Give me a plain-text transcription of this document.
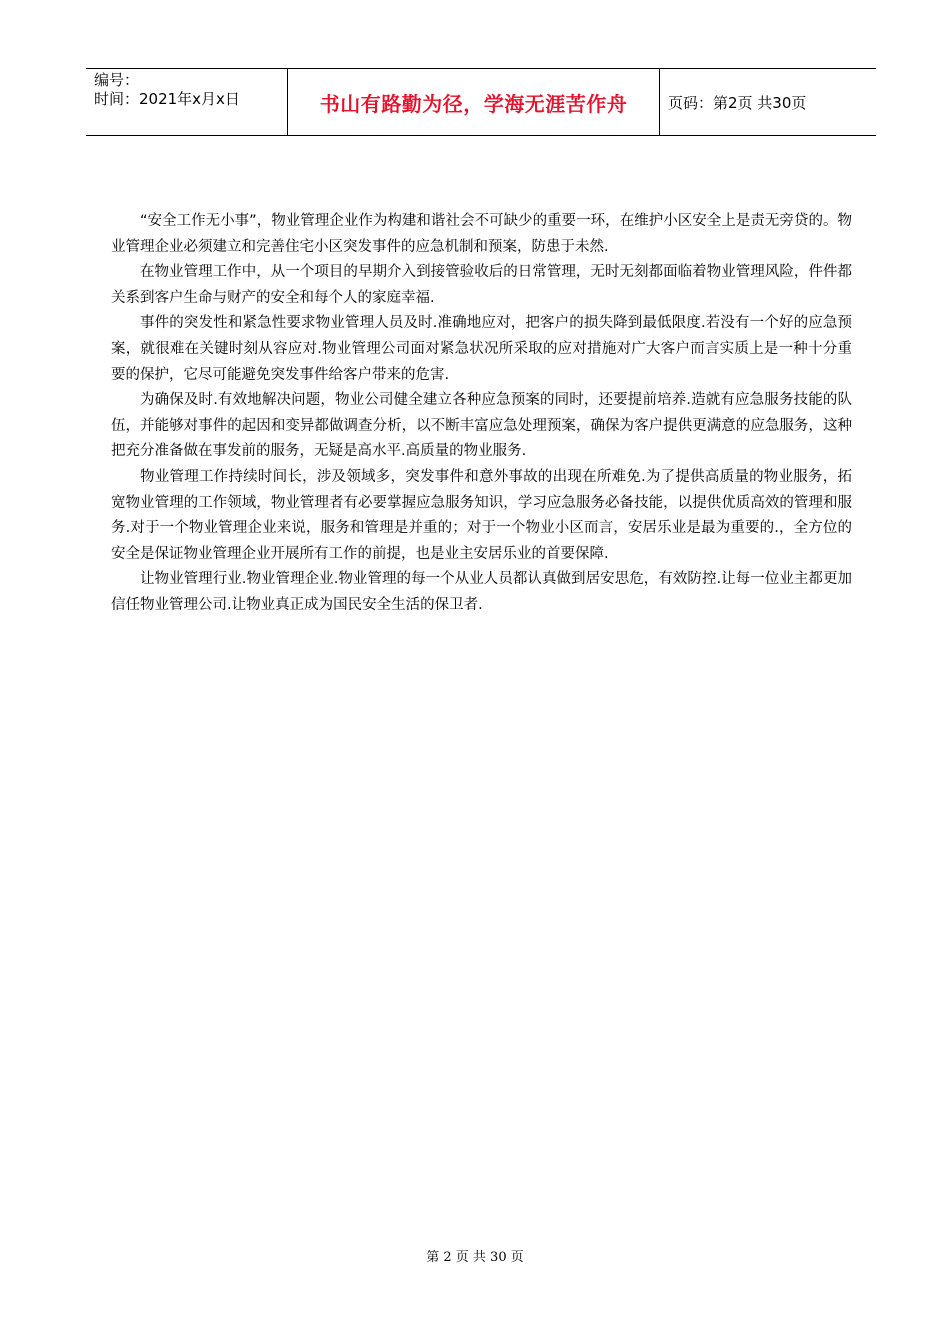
编号：
时间：2021年x月x日	书山有路勤为径，学海无涯苦作舟	页码：第2页 共30页

“安全工作无小事”，物业管理企业作为构建和谐社会不可缺少的重要一环，在维护小区安全上是责无旁贷的。物业管理企业必须建立和完善住宅小区突发事件的应急机制和预案，防患于未然.

在物业管理工作中，从一个项目的早期介入到接管验收后的日常管理，无时无刻都面临着物业管理风险，件件都关系到客户生命与财产的安全和每个人的家庭幸福.

事件的突发性和紧急性要求物业管理人员及时.准确地应对，把客户的损失降到最低限度.若没有一个好的应急预案，就很难在关键时刻从容应对.物业管理公司面对紧急状况所采取的应对措施对广大客户而言实质上是一种十分重要的保护，它尽可能避免突发事件给客户带来的危害.

为确保及时.有效地解决问题，物业公司健全建立各种应急预案的同时，还要提前培养.造就有应急服务技能的队伍，并能够对事件的起因和变异都做调查分析，以不断丰富应急处理预案，确保为客户提供更满意的应急服务，这种把充分准备做在事发前的服务，无疑是高水平.高质量的物业服务.

物业管理工作持续时间长，涉及领域多，突发事件和意外事故的出现在所难免.为了提供高质量的物业服务，拓宽物业管理的工作领域，物业管理者有必要掌握应急服务知识，学习应急服务必备技能，以提供优质高效的管理和服务.对于一个物业管理企业来说，服务和管理是并重的；对于一个物业小区而言，安居乐业是最为重要的.，全方位的安全是保证物业管理企业开展所有工作的前提，也是业主安居乐业的首要保障.

让物业管理行业.物业管理企业.物业管理的每一个从业人员都认真做到居安思危，有效防控.让每一位业主都更加信任物业管理公司.让物业真正成为国民安全生活的保卫者.

第 2 页 共 30 页
